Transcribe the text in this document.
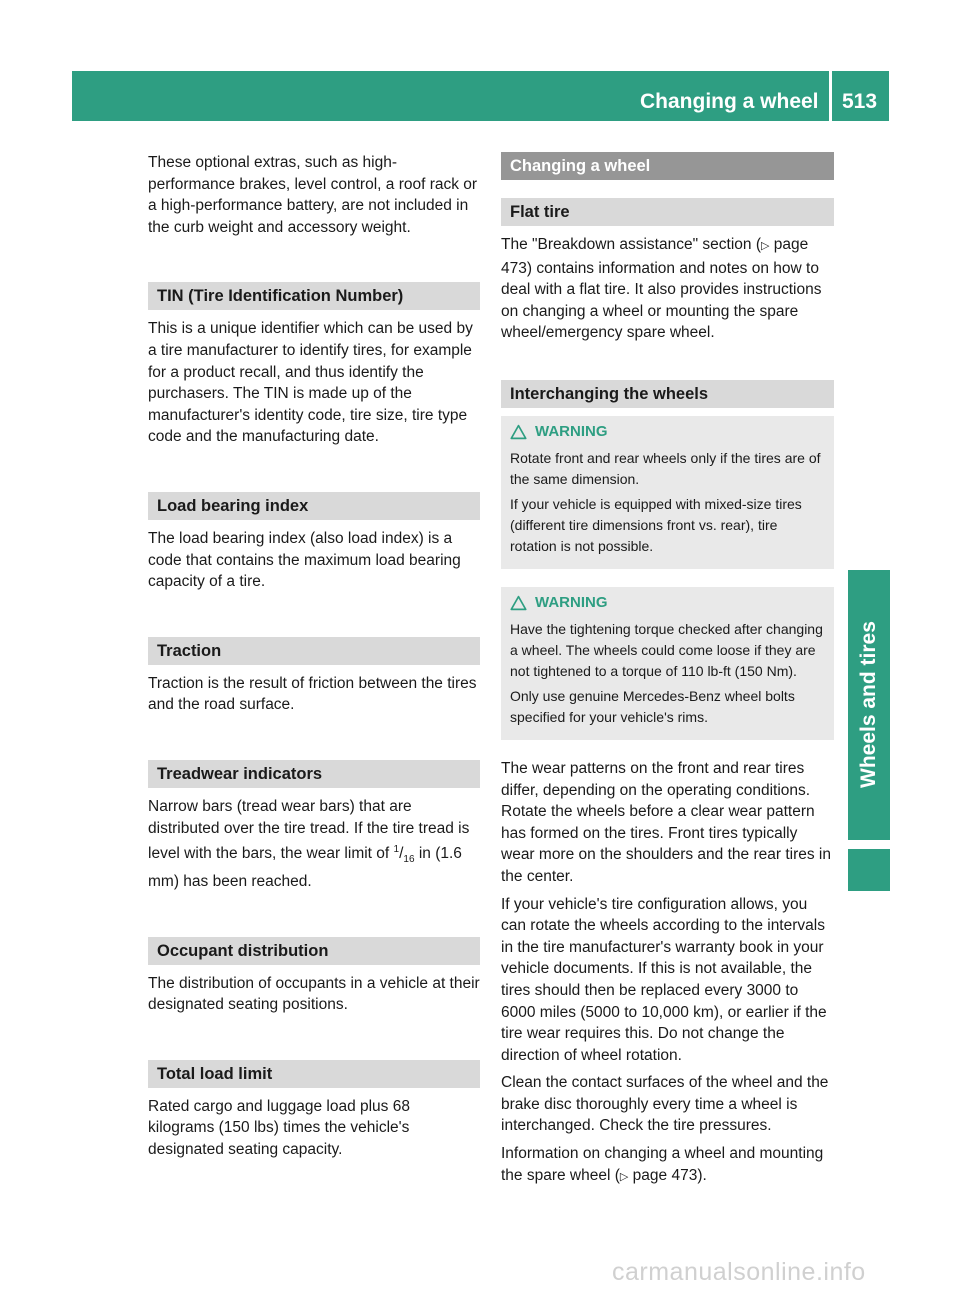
Changing a wheel 513
Wheels and tires

These optional extras, such as high-performance brakes, level control, a roof rack or a high-performance battery, are not included in the curb weight and accessory weight.

TIN (Tire Identification Number)

This is a unique identifier which can be used by a tire manufacturer to identify tires, for example for a product recall, and thus identify the purchasers. The TIN is made up of the manufacturer's identity code, tire size, tire type code and the manufacturing date.

Load bearing index

The load bearing index (also load index) is a code that contains the maximum load bearing capacity of a tire.

Traction

Traction is the result of friction between the tires and the road surface.

Treadwear indicators

Narrow bars (tread wear bars) that are distributed over the tire tread. If the tire tread is level with the bars, the wear limit of $^1/_{16}$ in (1.6 mm) has been reached.

Occupant distribution

The distribution of occupants in a vehicle at their designated seating positions.

Total load limit

Rated cargo and luggage load plus 68 kilograms (150 lbs) times the vehicle's designated seating capacity.

Changing a wheel
Flat tire

The "Breakdown assistance" section (▷ page 473) contains information and notes on how to deal with a flat tire. It also provides instructions on changing a wheel or mounting the spare wheel/emergency spare wheel.

Interchanging the wheels
WARNING

Rotate front and rear wheels only if the tires are of the same dimension.

If your vehicle is equipped with mixed-size tires (different tire dimensions front vs. rear), tire rotation is not possible.

WARNING

Have the tightening torque checked after changing a wheel. The wheels could come loose if they are not tightened to a torque of 110 lb-ft (150 Nm).

Only use genuine Mercedes-Benz wheel bolts specified for your vehicle's rims.

The wear patterns on the front and rear tires differ, depending on the operating conditions. Rotate the wheels before a clear wear pattern has formed on the tires. Front tires typically wear more on the shoulders and the rear tires in the center.

If your vehicle's tire configuration allows, you can rotate the wheels according to the intervals in the tire manufacturer's warranty book in your vehicle documents. If this is not available, the tires should then be replaced every 3000 to 6000 miles (5000 to 10,000 km), or earlier if the tire wear requires this. Do not change the direction of wheel rotation.

Clean the contact surfaces of the wheel and the brake disc thoroughly every time a wheel is interchanged. Check the tire pressures.

Information on changing a wheel and mounting the spare wheel (▷ page 473).

carmanualsonline.info
